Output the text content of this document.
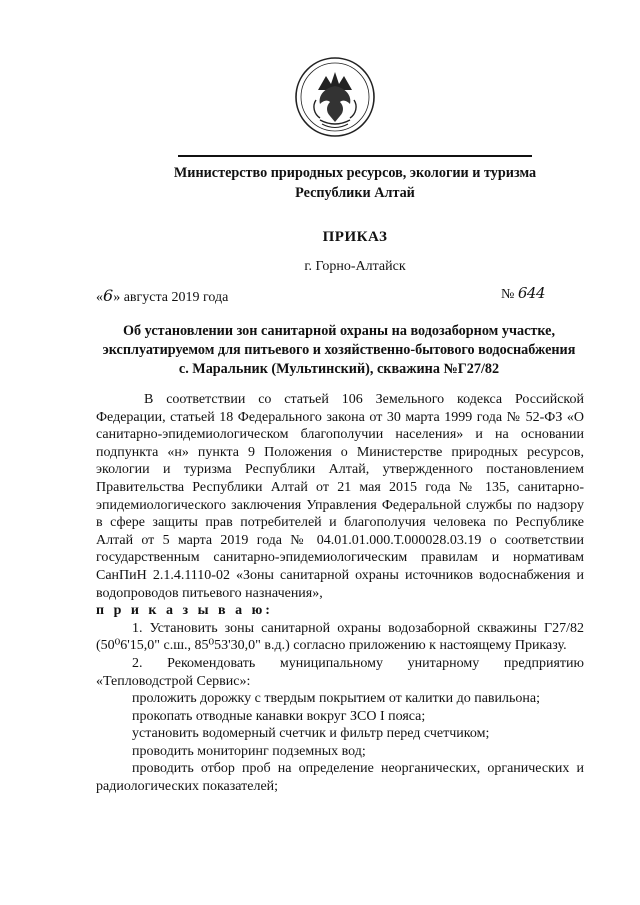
Министерство природных ресурсов, экологии и туризма Республики Алтай
ПРИКАЗ
г. Горно-Алтайск
«6» августа 2019 года	№ 644
Об установлении зон санитарной охраны на водозаборном участке, эксплуатируемом для питьевого и хозяйственно-бытового водоснабжения с. Маральник (Мультинский), скважина №Г27/82

В соответствии со статьей 106 Земельного кодекса Российской Федерации, статьей 18 Федерального закона от 30 марта 1999 года № 52-ФЗ «О санитарно-эпидемиологическом благополучии населения» и на основании подпункта «н» пункта 9 Положения о Министерстве природных ресурсов, экологии и туризма Республики Алтай, утвержденного постановлением Правительства Республики Алтай от 21 мая 2015 года № 135, санитарно-эпидемиологического заключения Управления Федеральной службы по надзору в сфере защиты прав потребителей и благополучия человека по Республике Алтай от 5 марта 2019 года № 04.01.01.000.Т.000028.03.19 о соответствии государственным санитарно-эпидемиологическим правилам и нормативам СанПиН 2.1.4.1110-02 «Зоны санитарной охраны источников водоснабжения и водопроводов питьевого назначения»,

п р и к а з ы в а ю:

1. Установить зоны санитарной охраны водозаборной скважины Г27/82 (50⁰6'15,0" с.ш., 85⁰53'30,0" в.д.) согласно приложению к настоящему Приказу.

2. Рекомендовать муниципальному унитарному предприятию «Тепловодстрой Сервис»:

проложить дорожку с твердым покрытием от калитки до павильона;

прокопать отводные канавки вокруг ЗСО I пояса;

установить водомерный счетчик и фильтр перед счетчиком;

проводить мониторинг подземных вод;

проводить отбор проб на определение неорганических, органических и радиологических показателей;
